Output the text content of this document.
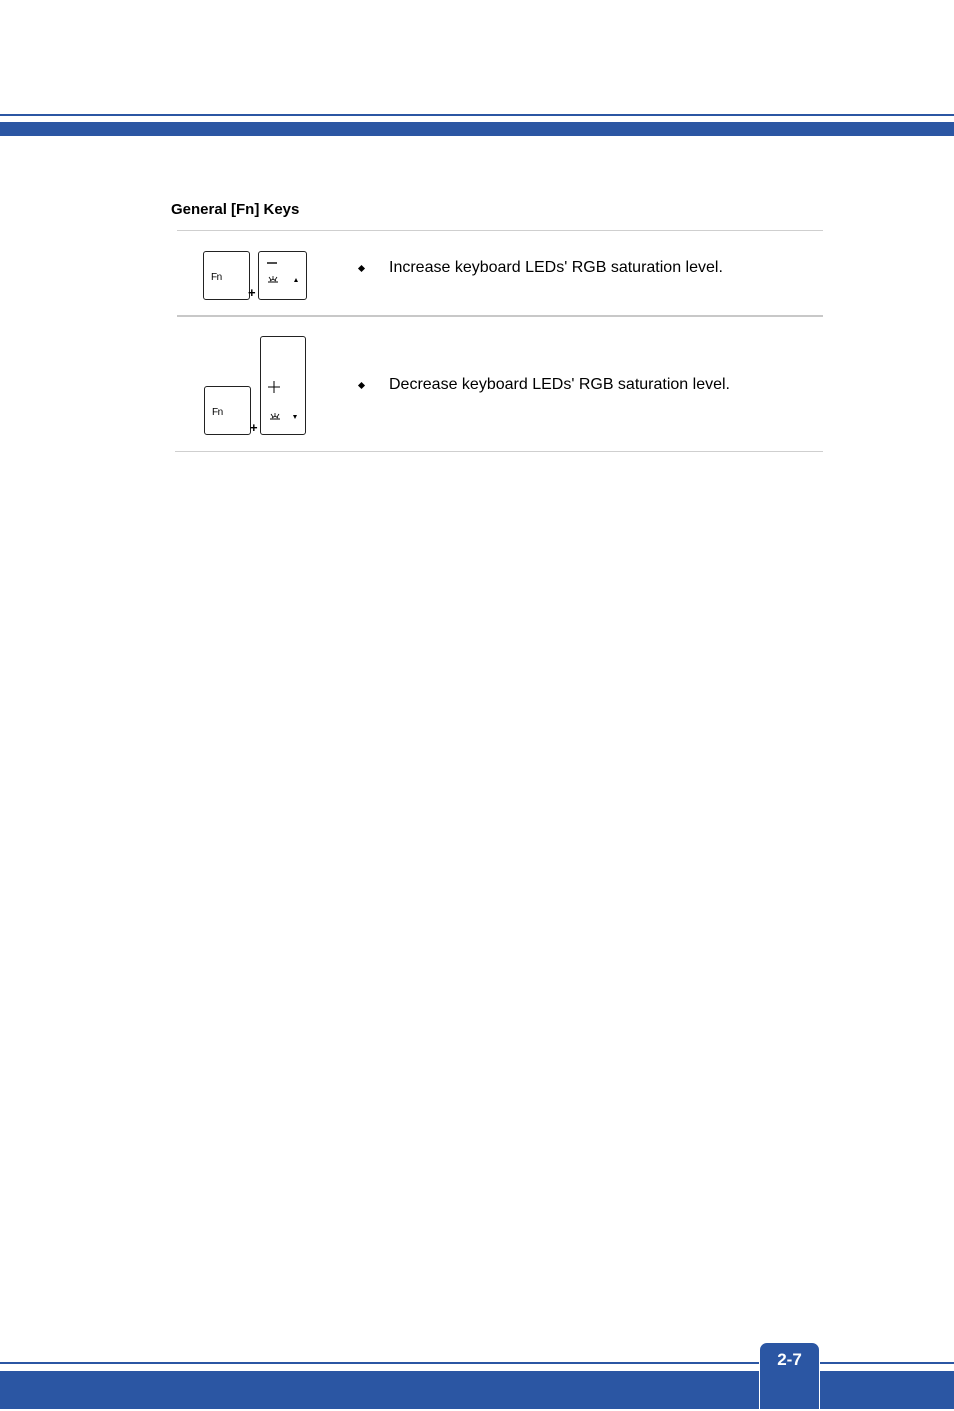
General [Fn] Keys
Fn
+

Increase keyboard LEDs' RGB saturation level.

Fn
+

Decrease keyboard LEDs' RGB saturation level.

2-7
